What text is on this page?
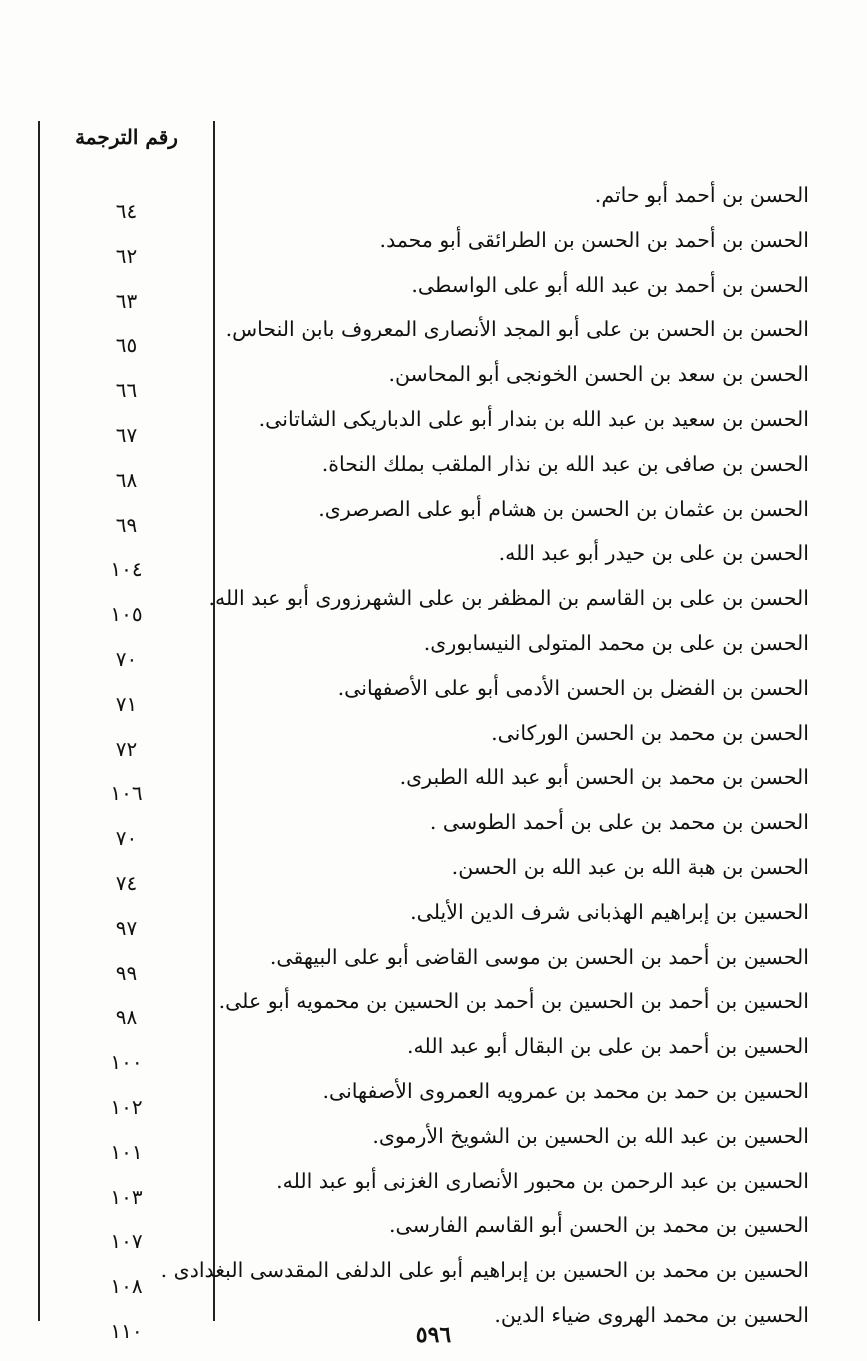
رقم الترجمة
٦٤
٦٢
٦٣
٦٥
٦٦
٦٧
٦٨
٦٩
١٠٤
١٠٥
٧٠
٧١
٧٢
١٠٦
٧٠
٧٤
٩٧
٩٩
٩٨
١٠٠
١٠٢
١٠١
١٠٣
١٠٧
١٠٨
١١٠
الحسن بن أحمد أبو حاتم.
الحسن بن أحمد بن الحسن بن الطرائقى أبو محمد.
الحسن بن أحمد بن عبد الله أبو على الواسطى.
الحسن بن الحسن بن على أبو المجد الأنصارى المعروف بابن النحاس.
الحسن بن سعد بن الحسن الخونجى أبو المحاسن.
الحسن بن سعيد بن عبد الله بن بندار أبو على الدباريكى الشاتانى.
الحسن بن صافى بن عبد الله بن نذار الملقب بملك النحاة.
الحسن بن عثمان بن الحسن بن هشام أبو على الصرصرى.
الحسن بن على بن حيدر أبو عبد الله.
الحسن بن على بن القاسم بن المظفر بن على الشهرزورى أبو عبد الله.
الحسن بن على بن محمد المتولى النيسابورى.
الحسن بن الفضل بن الحسن الأدمى أبو على الأصفهانى.
الحسن بن محمد بن الحسن الوركانى.
الحسن بن محمد بن الحسن أبو عبد الله الطبرى.
الحسن بن محمد بن على بن أحمد الطوسى .
الحسن بن هبة الله بن عبد الله بن الحسن.
الحسين بن إبراهيم الهذبانى شرف الدين الأيلى.
الحسين بن أحمد بن الحسن بن موسى القاضى أبو على البيهقى.
الحسين بن أحمد بن الحسين بن أحمد بن الحسين بن محمويه أبو على.
الحسين بن أحمد بن على بن البقال أبو عبد الله.
الحسين بن حمد بن محمد بن عمرويه العمروى الأصفهانى.
الحسين بن عبد الله بن الحسين بن الشويخ الأرموى.
الحسين بن عبد الرحمن بن محبور الأنصارى الغزنى أبو عبد الله.
الحسين بن محمد بن الحسن أبو القاسم الفارسى.
الحسين بن محمد بن الحسين بن إبراهيم أبو على الدلفى المقدسى البغدادى .
الحسين بن محمد الهروى ضياء الدين.
٥٩٦
